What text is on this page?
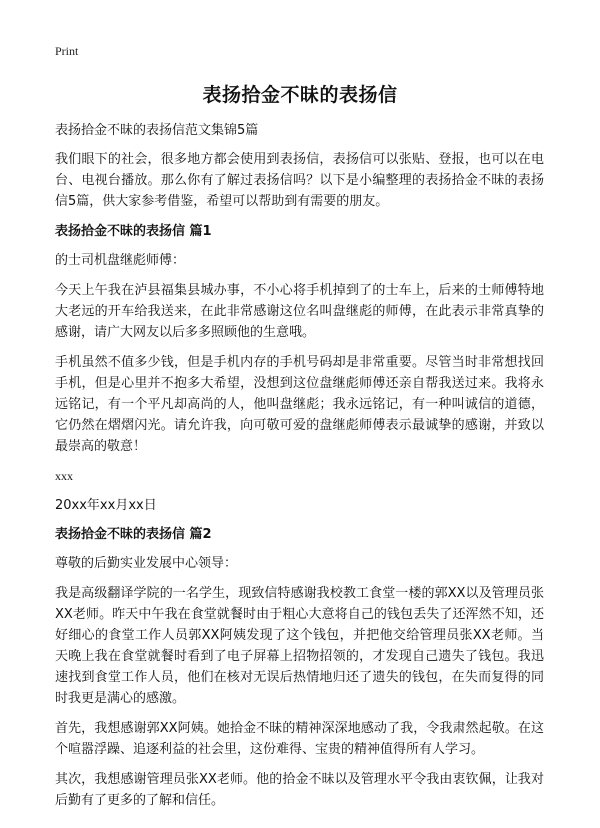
Print
表扬拾金不昧的表扬信

表扬拾金不昧的表扬信范文集锦5篇

我们眼下的社会，很多地方都会使用到表扬信，表扬信可以张贴、登报，也可以在电台、电视台播放。那么你有了解过表扬信吗？以下是小编整理的表扬拾金不昧的表扬信5篇，供大家参考借鉴，希望可以帮助到有需要的朋友。

表扬拾金不昧的表扬信 篇1

的士司机盘继彪师傅：

今天上午我在泸县福集县城办事，不小心将手机掉到了的士车上，后来的士师傅特地大老远的开车给我送来，在此非常感谢这位名叫盘继彪的师傅，在此表示非常真挚的感谢，请广大网友以后多多照顾他的生意哦。

手机虽然不值多少钱，但是手机内存的手机号码却是非常重要。尽管当时非常想找回手机，但是心里并不抱多大希望，没想到这位盘继彪师傅还亲自帮我送过来。我将永远铭记，有一个平凡却高尚的人，他叫盘继彪；我永远铭记，有一种叫诚信的道德，它仍然在熠熠闪光。请允许我，向可敬可爱的盘继彪师傅表示最诚挚的感谢，并致以最崇高的敬意！

xxx
20xx年xx月xx日
表扬拾金不昧的表扬信 篇2

尊敬的后勤实业发展中心领导：

我是高级翻译学院的一名学生，现致信特感谢我校教工食堂一楼的郭XX以及管理员张XX老师。昨天中午我在食堂就餐时由于粗心大意将自己的钱包丢失了还浑然不知，还好细心的食堂工作人员郭XX阿姨发现了这个钱包，并把他交给管理员张XX老师。当天晚上我在食堂就餐时看到了电子屏幕上招物招领的，才发现自己遗失了钱包。我迅速找到食堂工作人员，他们在核对无误后热情地归还了遗失的钱包，在失而复得的同时我更是满心的感激。

首先，我想感谢郭XX阿姨。她拾金不昧的精神深深地感动了我，令我肃然起敬。在这个喧嚣浮躁、追逐利益的社会里，这份难得、宝贵的精神值得所有人学习。

其次，我想感谢管理员张XX老师。他的拾金不昧以及管理水平令我由衷钦佩，让我对后勤有了更多的了解和信任。
